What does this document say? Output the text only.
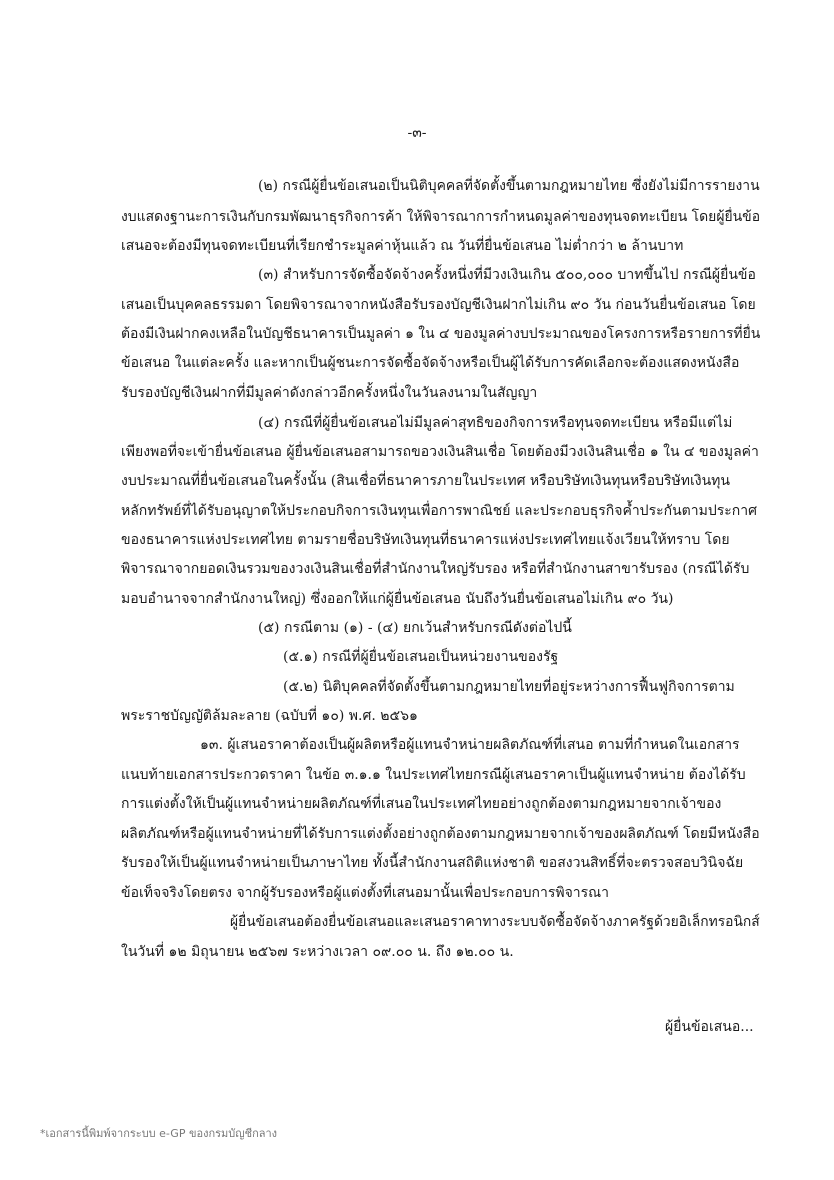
-๓-
(๒) กรณีผู้ยื่นข้อเสนอเป็นนิติบุคคลที่จัดตั้งขึ้นตามกฎหมายไทย ซึ่งยังไม่มีการรายงาน
งบแสดงฐานะการเงินกับกรมพัฒนาธุรกิจการค้า ให้พิจารณาการกำหนดมูลค่าของทุนจดทะเบียน โดยผู้ยื่นข้อ
เสนอจะต้องมีทุนจดทะเบียนที่เรียกชำระมูลค่าหุ้นแล้ว ณ วันที่ยื่นข้อเสนอ ไม่ต่ำกว่า ๒ ล้านบาท
(๓) สำหรับการจัดซื้อจัดจ้างครั้งหนึ่งที่มีวงเงินเกิน ๕๐๐,๐๐๐ บาทขึ้นไป กรณีผู้ยื่นข้อ
เสนอเป็นบุคคลธรรมดา โดยพิจารณาจากหนังสือรับรองบัญชีเงินฝากไม่เกิน ๙๐ วัน ก่อนวันยื่นข้อเสนอ โดย
ต้องมีเงินฝากคงเหลือในบัญชีธนาคารเป็นมูลค่า ๑ ใน ๔ ของมูลค่างบประมาณของโครงการหรือรายการที่ยื่น
ข้อเสนอ ในแต่ละครั้ง และหากเป็นผู้ชนะการจัดซื้อจัดจ้างหรือเป็นผู้ได้รับการคัดเลือกจะต้องแสดงหนังสือ
รับรองบัญชีเงินฝากที่มีมูลค่าดังกล่าวอีกครั้งหนึ่งในวันลงนามในสัญญา
(๔) กรณีที่ผู้ยื่นข้อเสนอไม่มีมูลค่าสุทธิของกิจการหรือทุนจดทะเบียน หรือมีแต่ไม่
เพียงพอที่จะเข้ายื่นข้อเสนอ ผู้ยื่นข้อเสนอสามารถขอวงเงินสินเชื่อ โดยต้องมีวงเงินสินเชื่อ ๑ ใน ๔ ของมูลค่า
งบประมาณที่ยื่นข้อเสนอในครั้งนั้น (สินเชื่อที่ธนาคารภายในประเทศ หรือบริษัทเงินทุนหรือบริษัทเงินทุน
หลักทรัพย์ที่ได้รับอนุญาตให้ประกอบกิจการเงินทุนเพื่อการพาณิชย์ และประกอบธุรกิจค้ำประกันตามประกาศ
ของธนาคารแห่งประเทศไทย ตามรายชื่อบริษัทเงินทุนที่ธนาคารแห่งประเทศไทยแจ้งเวียนให้ทราบ โดย
พิจารณาจากยอดเงินรวมของวงเงินสินเชื่อที่สำนักงานใหญ่รับรอง หรือที่สำนักงานสาขารับรอง (กรณีได้รับ
มอบอำนาจจากสำนักงานใหญ่) ซึ่งออกให้แก่ผู้ยื่นข้อเสนอ นับถึงวันยื่นข้อเสนอไม่เกิน ๙๐ วัน)
(๕) กรณีตาม (๑) - (๔) ยกเว้นสำหรับกรณีดังต่อไปนี้
(๕.๑) กรณีที่ผู้ยื่นข้อเสนอเป็นหน่วยงานของรัฐ
(๕.๒) นิติบุคคลที่จัดตั้งขึ้นตามกฎหมายไทยที่อยู่ระหว่างการฟื้นฟูกิจการตาม
พระราชบัญญัติล้มละลาย (ฉบับที่ ๑๐) พ.ศ. ๒๕๖๑
๑๓. ผู้เสนอราคาต้องเป็นผู้ผลิตหรือผู้แทนจำหน่ายผลิตภัณฑ์ที่เสนอ ตามที่กำหนดในเอกสาร
แนบท้ายเอกสารประกวดราคา ในข้อ ๓.๑.๑ ในประเทศไทยกรณีผู้เสนอราคาเป็นผู้แทนจำหน่าย ต้องได้รับ
การแต่งตั้งให้เป็นผู้แทนจำหน่ายผลิตภัณฑ์ที่เสนอในประเทศไทยอย่างถูกต้องตามกฎหมายจากเจ้าของ
ผลิตภัณฑ์หรือผู้แทนจำหน่ายที่ได้รับการแต่งตั้งอย่างถูกต้องตามกฎหมายจากเจ้าของผลิตภัณฑ์ โดยมีหนังสือ
รับรองให้เป็นผู้แทนจำหน่ายเป็นภาษาไทย ทั้งนี้สำนักงานสถิติแห่งชาติ ขอสงวนสิทธิ์ที่จะตรวจสอบวินิจฉัย
ข้อเท็จจริงโดยตรง จากผู้รับรองหรือผู้แต่งตั้งที่เสนอมานั้นเพื่อประกอบการพิจารณา
ผู้ยื่นข้อเสนอต้องยื่นข้อเสนอและเสนอราคาทางระบบจัดซื้อจัดจ้างภาครัฐด้วยอิเล็กทรอนิกส์
ในวันที่ ๑๒ มิถุนายน ๒๕๖๗ ระหว่างเวลา ๐๙.๐๐ น. ถึง ๑๒.๐๐ น.
ผู้ยื่นข้อเสนอ...
*เอกสารนี้พิมพ์จากระบบ e-GP ของกรมบัญชีกลาง
